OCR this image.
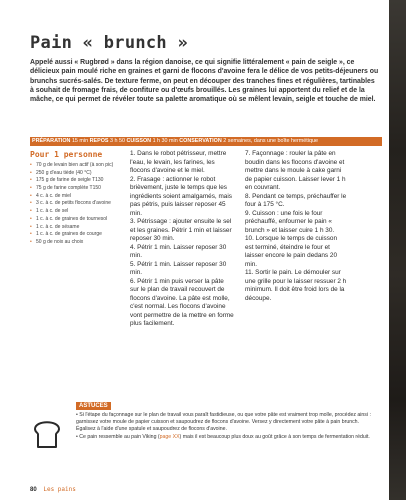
Pain « brunch »

Appelé aussi « Rugbrød » dans la région danoise, ce qui signifie littéralement « pain de seigle », ce délicieux pain moulé riche en graines et garni de flocons d'avoine fera le délice de vos petits-déjeuners ou brunchs sucrés-salés. De texture ferme, on peut en découper des tranches fines et régulières, tartinables à souhait de fromage frais, de confiture ou d'œufs brouillés. Les graines lui apportent du relief et de la mâche, ce qui permet de révéler toute sa palette aromatique où se mêlent levain, seigle et touche de miel.

PRÉPARATION 15 min REPOS 3 h 50 CUISSON 1 h 30 min CONSERVATION 2 semaines, dans une boîte hermétique
Pour 1 personne
• 70 g de levain bien actif (à son pic)
• 250 g d'eau tiède (40 °C)
• 175 g de farine de seigle T130
• 75 g de farine complète T150
• 4 c. à c. de miel
• 3 c. à c. de petits flocons d'avoine
• 1 c. à c. de sel
• 1 c. à c. de graines de tournesol
• 1 c. à c. de sésame
• 1 c. à c. de graines de courge
• 50 g de noix au choix
1. Dans le robot pétrisseur, mettre l'eau, le levain, les farines, les flocons d'avoine et le miel.
2. Frasage : actionner le robot brièvement, juste le temps que les ingrédients soient amalgamés, mais pas pétris, puis laisser reposer 45 min.
3. Pétrissage : ajouter ensuite le sel et les graines. Pétrir 1 min et laisser reposer 30 min.
4. Pétrir 1 min. Laisser reposer 30 min.
5. Pétrir 1 min. Laisser reposer 30 min.
6. Pétrir 1 min puis verser la pâte sur le plan de travail recouvert de flocons d'avoine. La pâte est molle, c'est normal. Les flocons d'avoine vont permettre de la mettre en forme plus facilement.
7. Façonnage : rouler la pâte en boudin dans les flocons d'avoine et mettre dans le moule à cake garni de papier cuisson. Laisser lever 1 h en couvrant.
8. Pendant ce temps, préchauffer le four à 175 °C.
9. Cuisson : une fois le four préchauffé, enfourner le pain « brunch » et laisser cuire 1 h 30.
10. Lorsque le temps de cuisson est terminé, éteindre le four et laisser encore le pain dedans 20 min.
11. Sortir le pain. Le démouler sur une grille pour le laisser ressuer 2 h minimum. Il doit être froid lors de la découpe.
ASTUCES
• Si l'étape du façonnage sur le plan de travail vous paraît fastidieuse, ou que votre pâte est vraiment trop molle, procédez ainsi : garnissez votre moule de papier cuisson et saupoudrez de flocons d'avoine. Versez y directement votre pâte à pain brunch. Égalisez à l'aide d'une spatule et saupoudrez de flocons d'avoine.
• Ce pain ressemble au pain Viking (page XX) mais il est beaucoup plus doux au goût grâce à son temps de fermentation réduit.
80 Les pains
